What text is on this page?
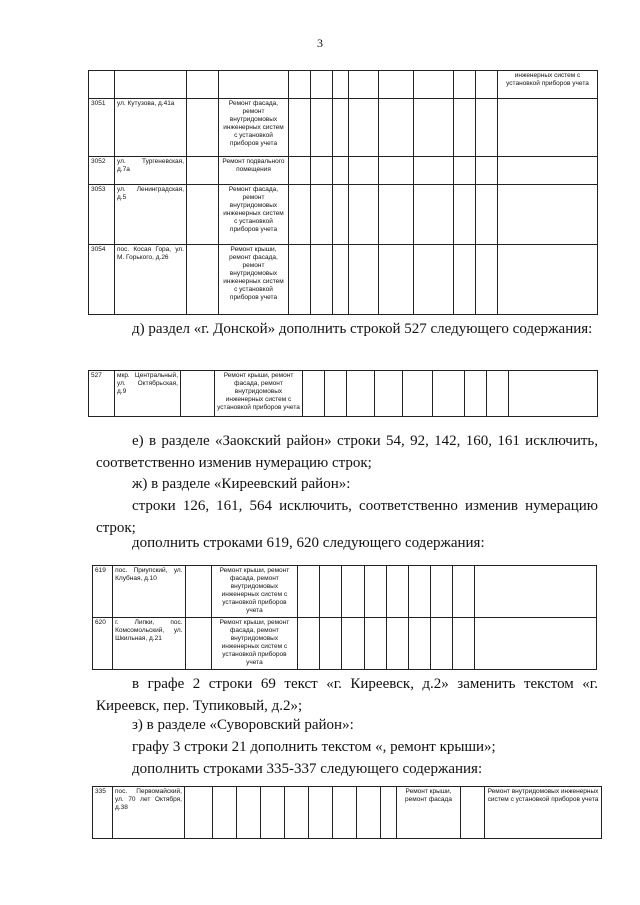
3
												инженерных систем с установкой приборов учета
3051	ул. Кутузова, д.41а		Ремонт фасада, ремонт внутридомовых инженерных систем с установкой приборов учета									
3052	ул. Тургеневская, д.7а		Ремонт подвального помещения									
3053	ул. Ленинградская, д.5		Ремонт фасада, ремонт внутридомовых инженерных систем с установкой приборов учета									
3054	пос. Косая Гора, ул. М. Горького, д.26		Ремонт крыши, ремонт фасада, ремонт внутридомовых инженерных систем с установкой приборов учета									
д) раздел «г. Донской» дополнить строкой 527 следующего содержания:
527	мкр. Центральный, ул. Октябрьская, д.9		Ремонт крыши, ремонт фасада, ремонт внутридомовых инженерных систем с установкой приборов учета									
е) в разделе «Заокский район» строки 54, 92, 142, 160, 161 исключить, соответственно изменив нумерацию строк;
ж) в разделе «Киреевский район»:
строки 126, 161, 564 исключить, соответственно изменив нумерацию строк;
дополнить строками 619, 620 следующего содержания:
619	пос. Приупский, ул. Клубная, д.10		Ремонт крыши, ремонт фасада, ремонт внутридомовых инженерных систем с установкой приборов учета									
620	г. Липки, пос. Комсомольский, ул. Шкильная, д.21		Ремонт крыши, ремонт фасада, ремонт внутридомовых инженерных систем с установкой приборов учета									
в графе 2 строки 69 текст «г. Киреевск, д.2» заменить текстом «г. Киреевск, пер. Тупиковый, д.2»;
з) в разделе «Суворовский район»:
графу 3 строки 21 дополнить текстом «, ремонт крыши»;
дополнить строками 335-337 следующего содержания:
335	пос. Первомайский, ул. 70 лет Октября, д.38										Ремонт крыши, ремонт фасада		Ремонт внутридомовых инженерных систем с установкой приборов учета
